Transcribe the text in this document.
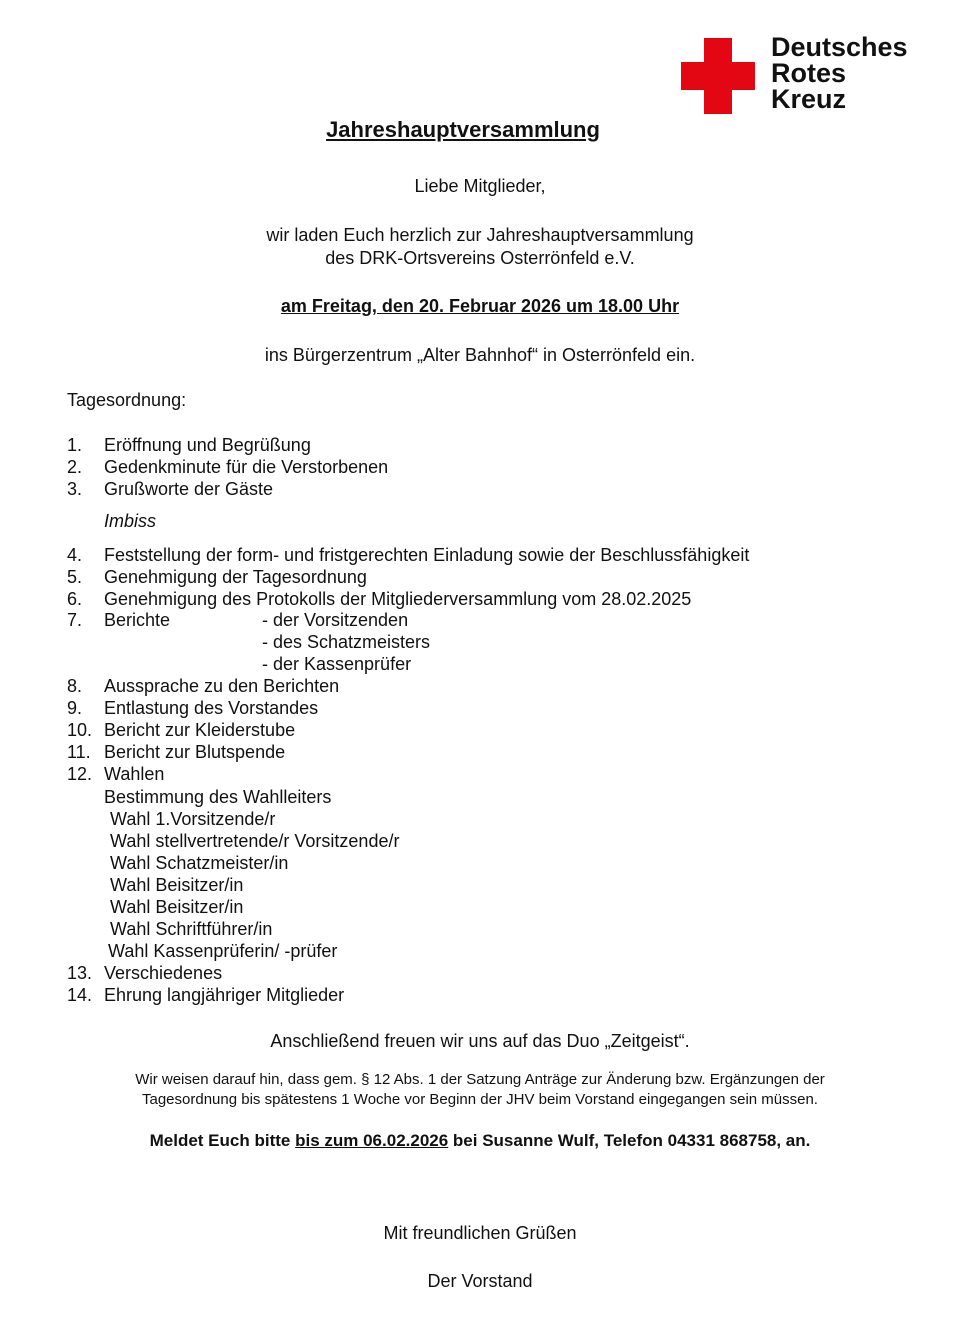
Deutsches
Rotes
Kreuz
Jahreshauptversammlung
Liebe Mitglieder,
wir laden Euch herzlich zur Jahreshauptversammlung
des DRK-Ortsvereins Osterrönfeld e.V.
am Freitag, den 20. Februar 2026 um 18.00 Uhr
ins Bürgerzentrum „Alter Bahnhof“ in Osterrönfeld ein.
Tagesordnung:
1. Eröffnung und Begrüßung
2. Gedenkminute für die Verstorbenen
3. Grußworte der Gäste
Imbiss
4. Feststellung der form- und fristgerechten Einladung sowie der Beschlussfähigkeit
5. Genehmigung der Tagesordnung
6. Genehmigung des Protokolls der Mitgliederversammlung vom 28.02.2025
7. Berichte	- der Vorsitzenden
- des Schatzmeisters
- der Kassenprüfer
8. Aussprache zu den Berichten
9. Entlastung des Vorstandes
10. Bericht zur Kleiderstube
11. Bericht zur Blutspende
12. Wahlen
Bestimmung des Wahlleiters
Wahl 1.Vorsitzende/r
Wahl stellvertretende/r Vorsitzende/r
Wahl Schatzmeister/in
Wahl Beisitzer/in
Wahl Beisitzer/in
Wahl Schriftführer/in
Wahl Kassenprüferin/ -prüfer
13. Verschiedenes
14. Ehrung langjähriger Mitglieder
Anschließend freuen wir uns auf das Duo „Zeitgeist“.
Wir weisen darauf hin, dass gem. § 12 Abs. 1 der Satzung Anträge zur Änderung bzw. Ergänzungen der
Tagesordnung bis spätestens 1 Woche vor Beginn der JHV beim Vorstand eingegangen sein müssen.
Meldet Euch bitte bis zum 06.02.2026 bei Susanne Wulf, Telefon 04331 868758, an.
Mit freundlichen Grüßen
Der Vorstand
